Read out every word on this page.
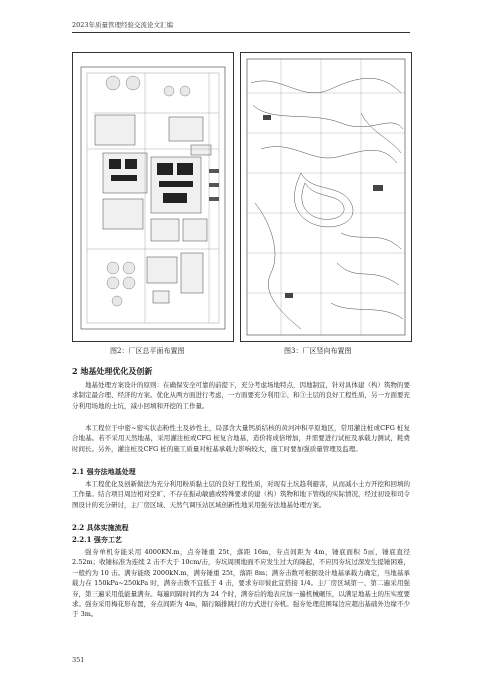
2023年质量管理经验交流论文汇编
图2：厂区总平面布置图	图3：厂区竖向布置图
2 地基处理优化及创新
地基处理方案设计的原则：在确保安全可靠的前提下，充分考虑场地特点，因地制宜，针对具体建（构）筑物的要求制定最合理、经济的方案。优化从两方面进行考虑，一方面要充分利用②、和③土层的良好工程性质，另一方面要充分利用场地的土坑，减小回填和开挖的工作量。
本工程位于中密~密实状态粉性土及砂性土，局部含大量钙质结核的黄河冲积平原地区，常用灌注桩或CFG 桩复合地基。若不采用天然地基，采用灌注桩或CFG 桩复合地基，造价将成倍增加，并需要进行试桩及承载力测试，耗费时间长。另外，灌注桩及CFG 桩的施工质量对桩基承载力影响较大，施工时要加强质量管理及监理。
2.1 强夯法地基处理
本工程优化及创新做法为充分利用粉质黏土层的良好工程性质，对现有土坑趋利避害，从而减小土方开挖和回填的工作量。结合项目周边相对空旷、不存在振动敏感或特殊要求的建（构）筑物和地下管线的实际情况，经过初设和司令图设计的充分研讨，主厂房区域、天然气调压站区域创新性地采用强夯法地基处理方案。
2.2 具体实施流程
2.2.1 强夯工艺
强夯单机夯能采用 4000KN.m，点夯锤重 25t，落距 16m，夯点间距为 4m，锤底面积 5㎡，锤底直径 2.52m；收锤标准为连续 2 击不大于 10cm/击，夯坑周围地面不应发生过大的隆起，不应因夯坑过深发生提锤困难，一般约为 10 击。满夯能级 2000kN.m，满夯锤重 25t，落距 8m；满夯击数可根据设计地基承载力确定，当地基承载力在 150kPa~250kPa 时，满夯击数不宜低于 4 击，要求夯印彼此宜搭接 1/4。主厂房区域第一、第二遍采用强夯，第三遍采用低能量满夯。每遍间隔时间约为 24 个时，满夯后的地表应加一遍机械碾压，以满足地基土的压实度要求。强夯采用梅花形布置，夯点间距为 4m，隔行隔排跳打的方式进行夯机。强夯处理范围每边应超出基础外边缘不少于 3m。
351
